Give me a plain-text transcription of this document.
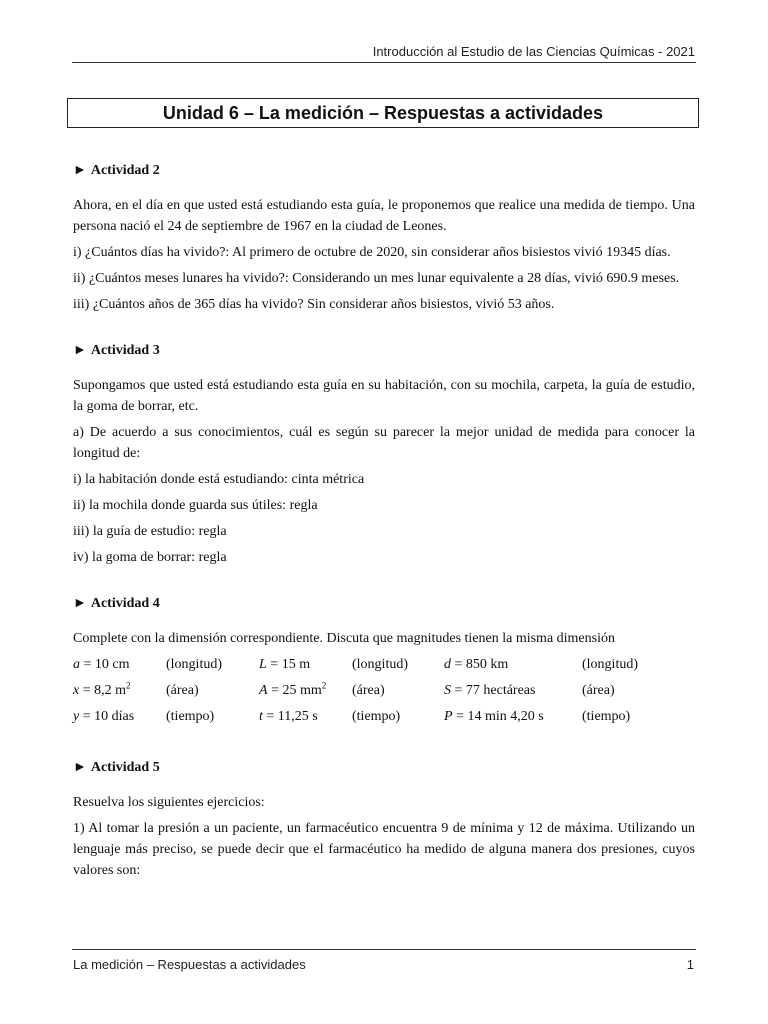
Introducción al Estudio de las Ciencias Químicas - 2021
Unidad 6 – La medición – Respuestas a actividades
► Actividad 2

Ahora, en el día en que usted está estudiando esta guía, le proponemos que realice una medida de tiempo. Una persona nació el 24 de septiembre de 1967 en la ciudad de Leones.

i) ¿Cuántos días ha vivido?: Al primero de octubre de 2020, sin considerar años bisiestos vivió 19345 días.

ii) ¿Cuántos meses lunares ha vivido?: Considerando un mes lunar equivalente a 28 días, vivió 690.9 meses.

iii) ¿Cuántos años de 365 días ha vivido? Sin considerar años bisiestos, vivió 53 años.

► Actividad 3

Supongamos que usted está estudiando esta guía en su habitación, con su mochila, carpeta, la guía de estudio, la goma de borrar, etc.

a) De acuerdo a sus conocimientos, cuál es según su parecer la mejor unidad de medida para conocer la longitud de:

i) la habitación donde está estudiando: cinta métrica

ii) la mochila donde guarda sus útiles: regla

iii) la guía de estudio: regla

iv) la goma de borrar: regla

► Actividad 4

Complete con la dimensión correspondiente. Discuta que magnitudes tienen la misma dimensión

a = 10 cm	(longitud)	L = 15 m	(longitud)	d = 850 km	(longitud)
x = 8,2 $m^2$	(área)	A = 25 $mm^2$	(área)	S = 77 hectáreas	(área)
y = 10 días	(tiempo)	t = 11,25 s	(tiempo)	P = 14 min 4,20 s	(tiempo)
► Actividad 5

Resuelva los siguientes ejercicios:

1) Al tomar la presión a un paciente, un farmacéutico encuentra 9 de mínima y 12 de máxima. Utilizando un lenguaje más preciso, se puede decir que el farmacéutico ha medido de alguna manera dos presiones, cuyos valores son:

La medición – Respuestas a actividades	1
